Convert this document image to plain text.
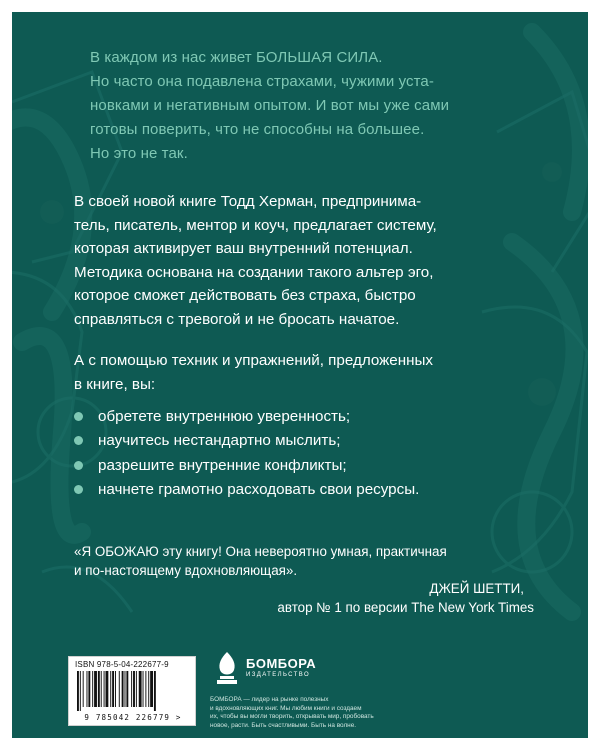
В каждом из нас живет БОЛЬШАЯ СИЛА.

Но часто она подавлена страхами, чужими уста-

новками и негативным опытом. И вот мы уже сами

готовы поверить, что не способны на большее.

Но это не так.

В своей новой книге Тодд Херман, предпринима-

тель, писатель, ментор и коуч, предлагает систему,

которая активирует ваш внутренний потенциал.

Методика основана на создании такого альтер эго,

которое сможет действовать без страха, быстро

справляться с тревогой и не бросать начатое.

А с помощью техник и упражнений, предложенных

в книге, вы:

обретете внутреннюю уверенность;
научитесь нестандартно мыслить;
разрешите внутренние конфликты;
начнете грамотно расходовать свои ресурсы.

«Я ОБОЖАЮ эту книгу! Она невероятно умная, практичная

и по-настоящему вдохновляющая».

ДЖЕЙ ШЕТТИ,

автор № 1 по версии The New York Times

ISBN 978-5-04-222677-9
9 785042 226779 >
БОМБОРА
ИЗДАТЕЛЬСТВО
БОМБОРА — лидер на рынке полезных
и вдохновляющих книг. Мы любим книги и создаем
их, чтобы вы могли творить, открывать мир, пробовать
новое, расти. Быть счастливыми. Быть на волне.
